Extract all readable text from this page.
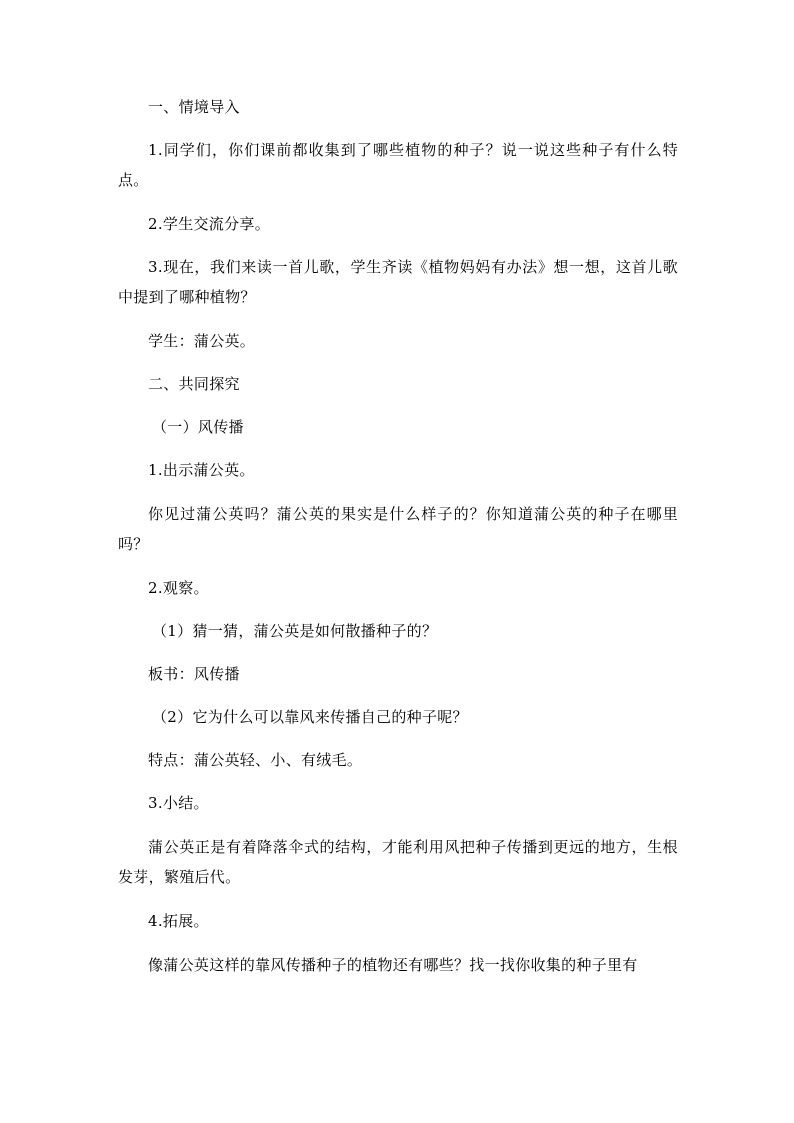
一、情境导入

1.同学们，你们课前都收集到了哪些植物的种子？说一说这些种子有什么特点。

2.学生交流分享。

3.现在，我们来读一首儿歌，学生齐读《植物妈妈有办法》想一想，这首儿歌中提到了哪种植物？

学生：蒲公英。

二、共同探究

（一）风传播

1.出示蒲公英。

你见过蒲公英吗？蒲公英的果实是什么样子的？你知道蒲公英的种子在哪里吗？

2.观察。

（1）猜一猜，蒲公英是如何散播种子的？

板书：风传播

（2）它为什么可以靠风来传播自己的种子呢？

特点：蒲公英轻、小、有绒毛。

3.小结。

蒲公英正是有着降落伞式的结构，才能利用风把种子传播到更远的地方，生根发芽，繁殖后代。

4.拓展。

像蒲公英这样的靠风传播种子的植物还有哪些？找一找你收集的种子里有
